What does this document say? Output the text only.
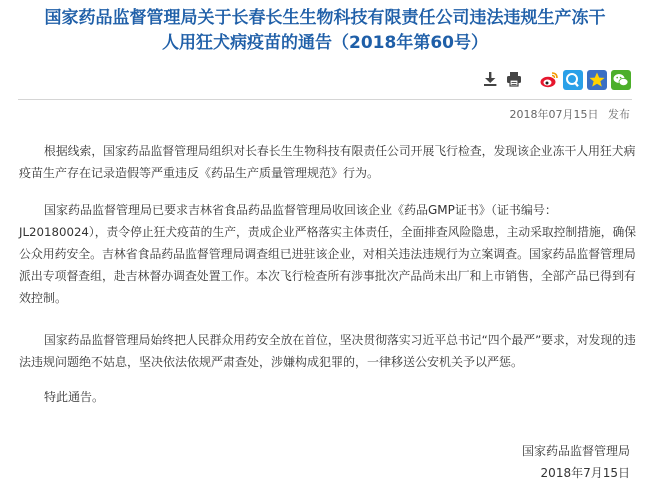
国家药品监督管理局关于长春长生生物科技有限责任公司违法违规生产冻干
人用狂犬病疫苗的通告（2018年第60号）
2018年07月15日 发布
根据线索，国家药品监督管理局组织对长春长生生物科技有限责任公司开展飞行检查，发现该企业冻干人用狂犬病
疫苗生产存在记录造假等严重违反《药品生产质量管理规范》行为。
国家药品监督管理局已要求吉林省食品药品监督管理局收回该企业《药品GMP证书》（证书编号：
JL20180024），责令停止狂犬疫苗的生产，责成企业严格落实主体责任，全面排查风险隐患，主动采取控制措施，确保
公众用药安全。吉林省食品药品监督管理局调查组已进驻该企业，对相关违法违规行为立案调查。国家药品监督管理局
派出专项督查组，赴吉林督办调查处置工作。本次飞行检查所有涉事批次产品尚未出厂和上市销售，全部产品已得到有
效控制。
国家药品监督管理局始终把人民群众用药安全放在首位，坚决贯彻落实习近平总书记“四个最严”要求，对发现的违
法违规问题绝不姑息，坚决依法依规严肃查处，涉嫌构成犯罪的，一律移送公安机关予以严惩。
特此通告。
国家药品监督管理局
2018年7月15日
